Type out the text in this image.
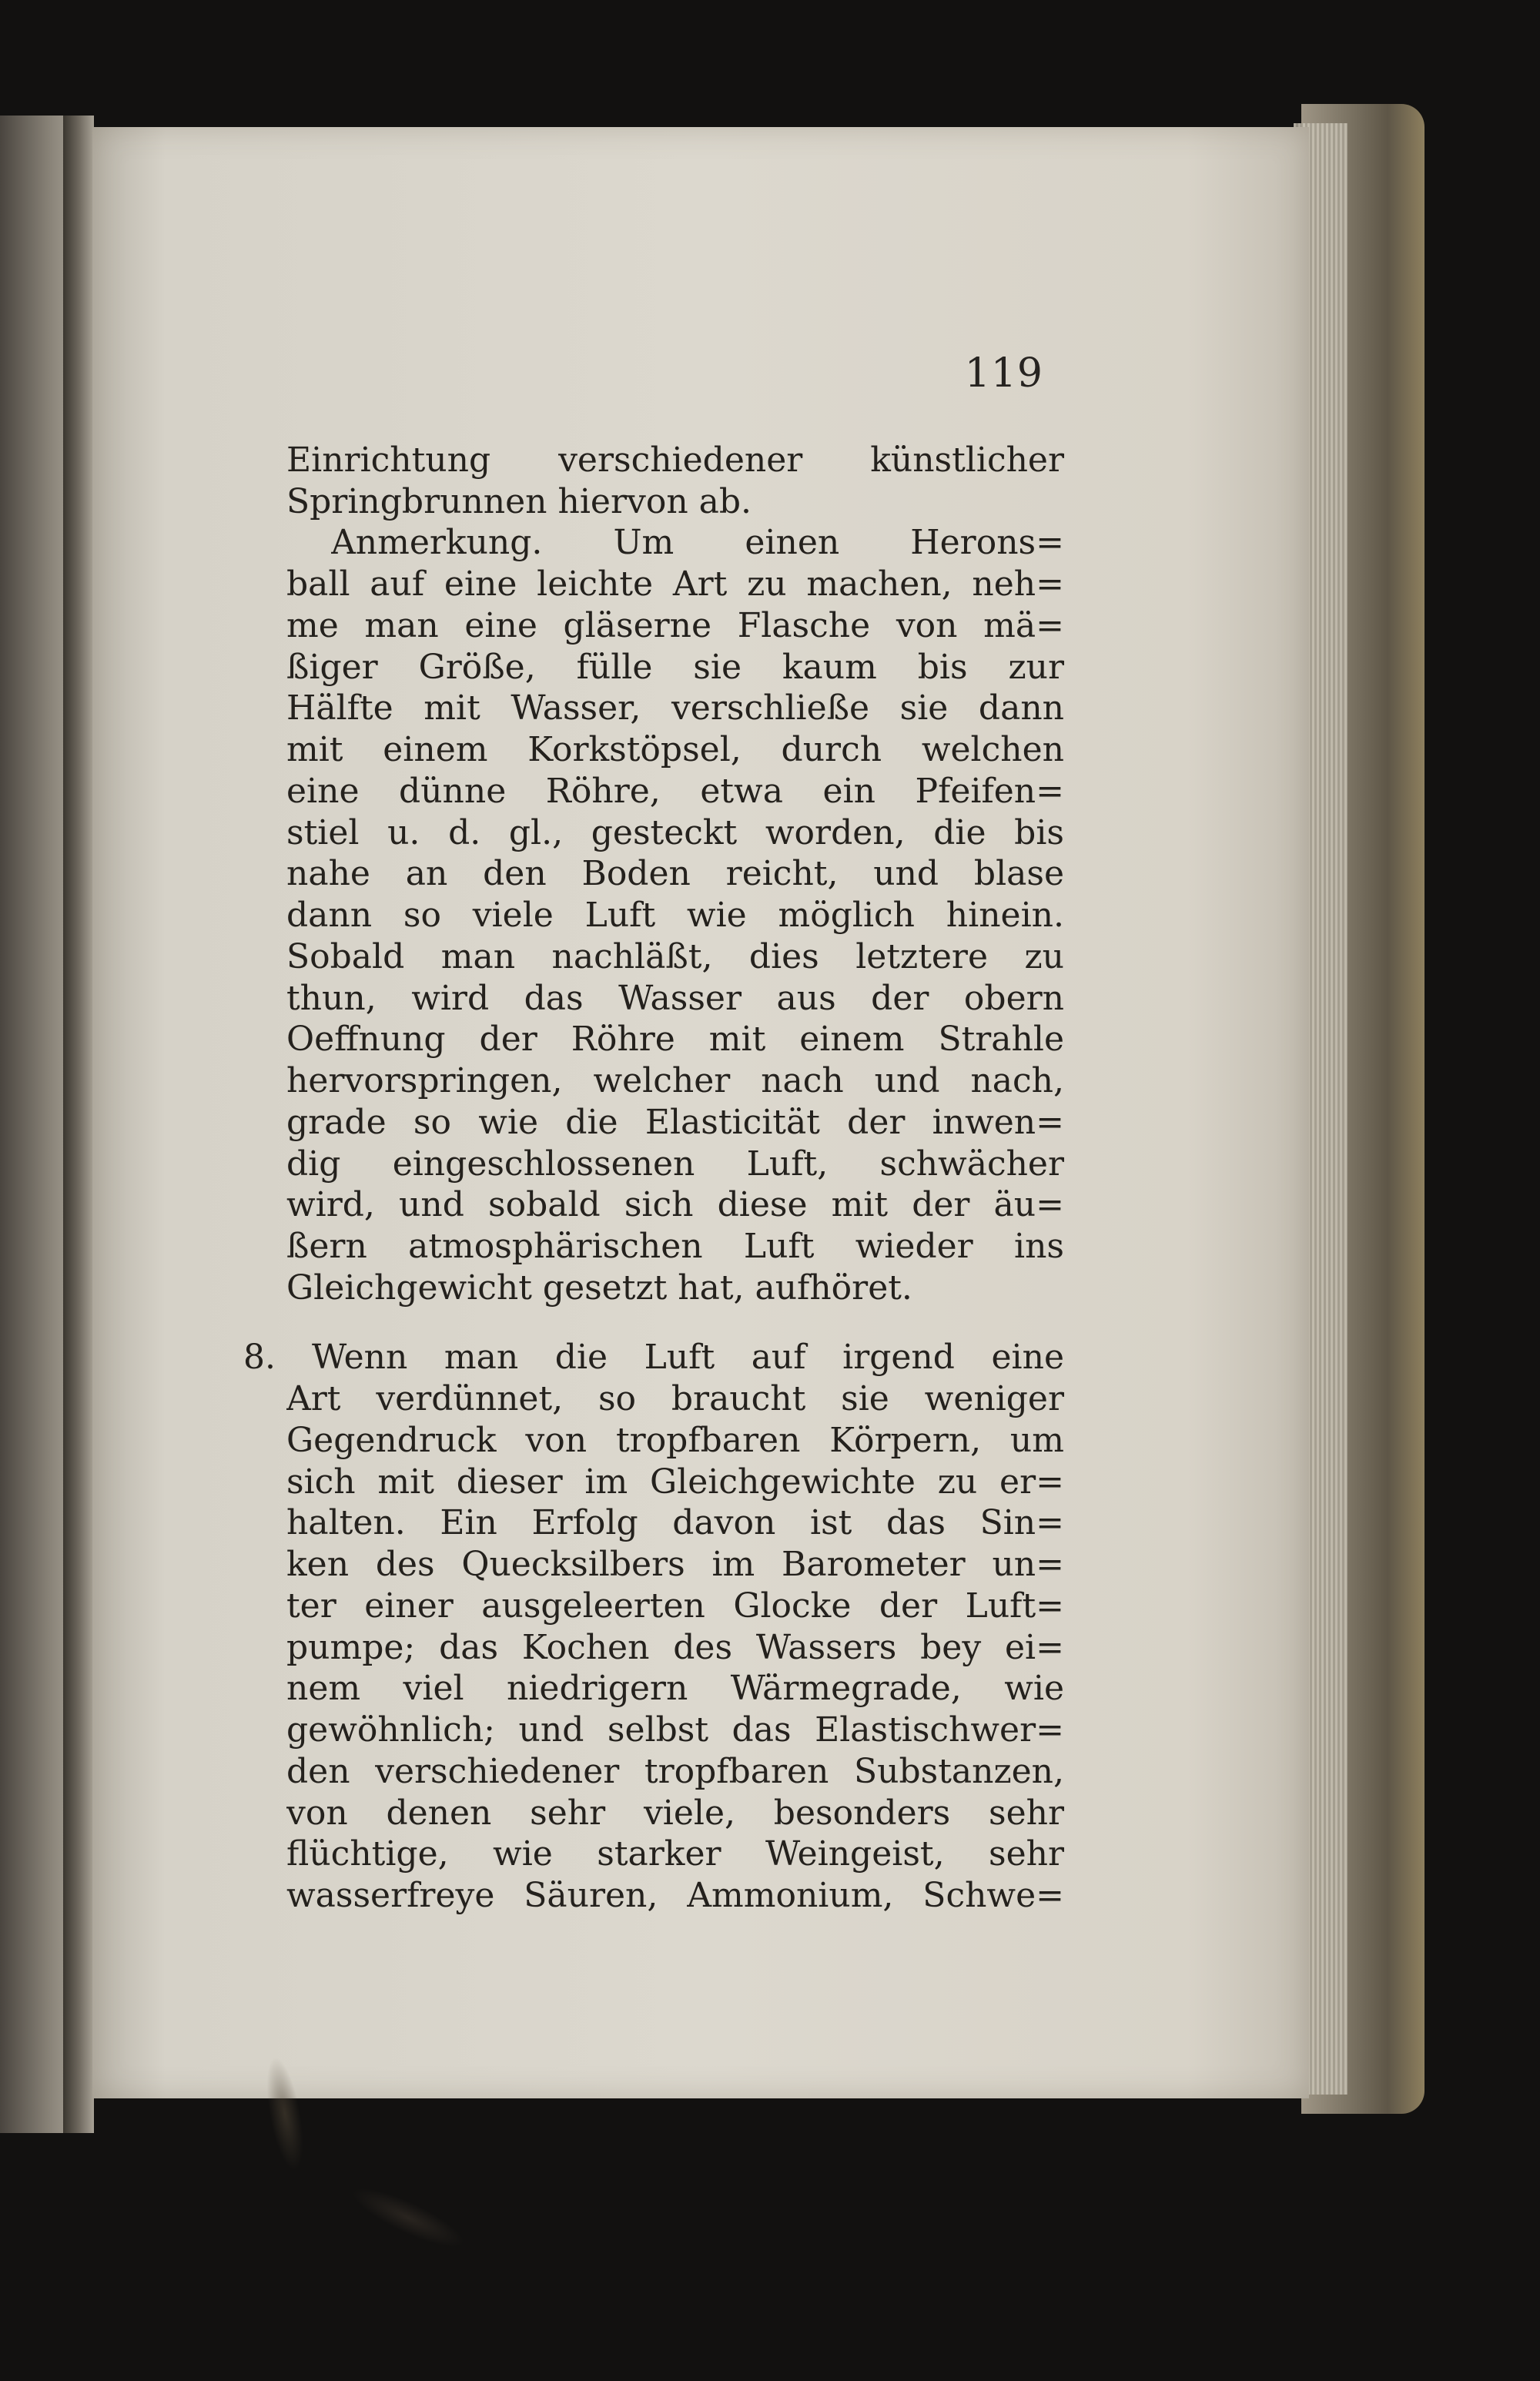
119
8.
Einrichtung verschiedener künstlicher
Springbrunnen hiervon ab.
Anmerkung. Um einen Herons=
ball auf eine leichte Art zu machen, neh=
me man eine gläserne Flasche von mä=
ßiger Größe, fülle sie kaum bis zur
Hälfte mit Wasser, verschließe sie dann
mit einem Korkstöpsel, durch welchen
eine dünne Röhre, etwa ein Pfeifen=
stiel u. d. gl., gesteckt worden, die bis
nahe an den Boden reicht, und blase
dann so viele Luft wie möglich hinein.
Sobald man nachläßt, dies letztere zu
thun, wird das Wasser aus der obern
Oeffnung der Röhre mit einem Strahle
hervorspringen, welcher nach und nach,
grade so wie die Elasticität der inwen=
dig eingeschlossenen Luft, schwächer
wird, und sobald sich diese mit der äu=
ßern atmosphärischen Luft wieder ins
Gleichgewicht gesetzt hat, aufhöret.
Wenn man die Luft auf irgend eine
Art verdünnet, so braucht sie weniger
Gegendruck von tropfbaren Körpern, um
sich mit dieser im Gleichgewichte zu er=
halten. Ein Erfolg davon ist das Sin=
ken des Quecksilbers im Barometer un=
ter einer ausgeleerten Glocke der Luft=
pumpe; das Kochen des Wassers bey ei=
nem viel niedrigern Wärmegrade, wie
gewöhnlich; und selbst das Elastischwer=
den verschiedener tropfbaren Substanzen,
von denen sehr viele, besonders sehr
flüchtige, wie starker Weingeist, sehr
wasserfreye Säuren, Ammonium, Schwe=
